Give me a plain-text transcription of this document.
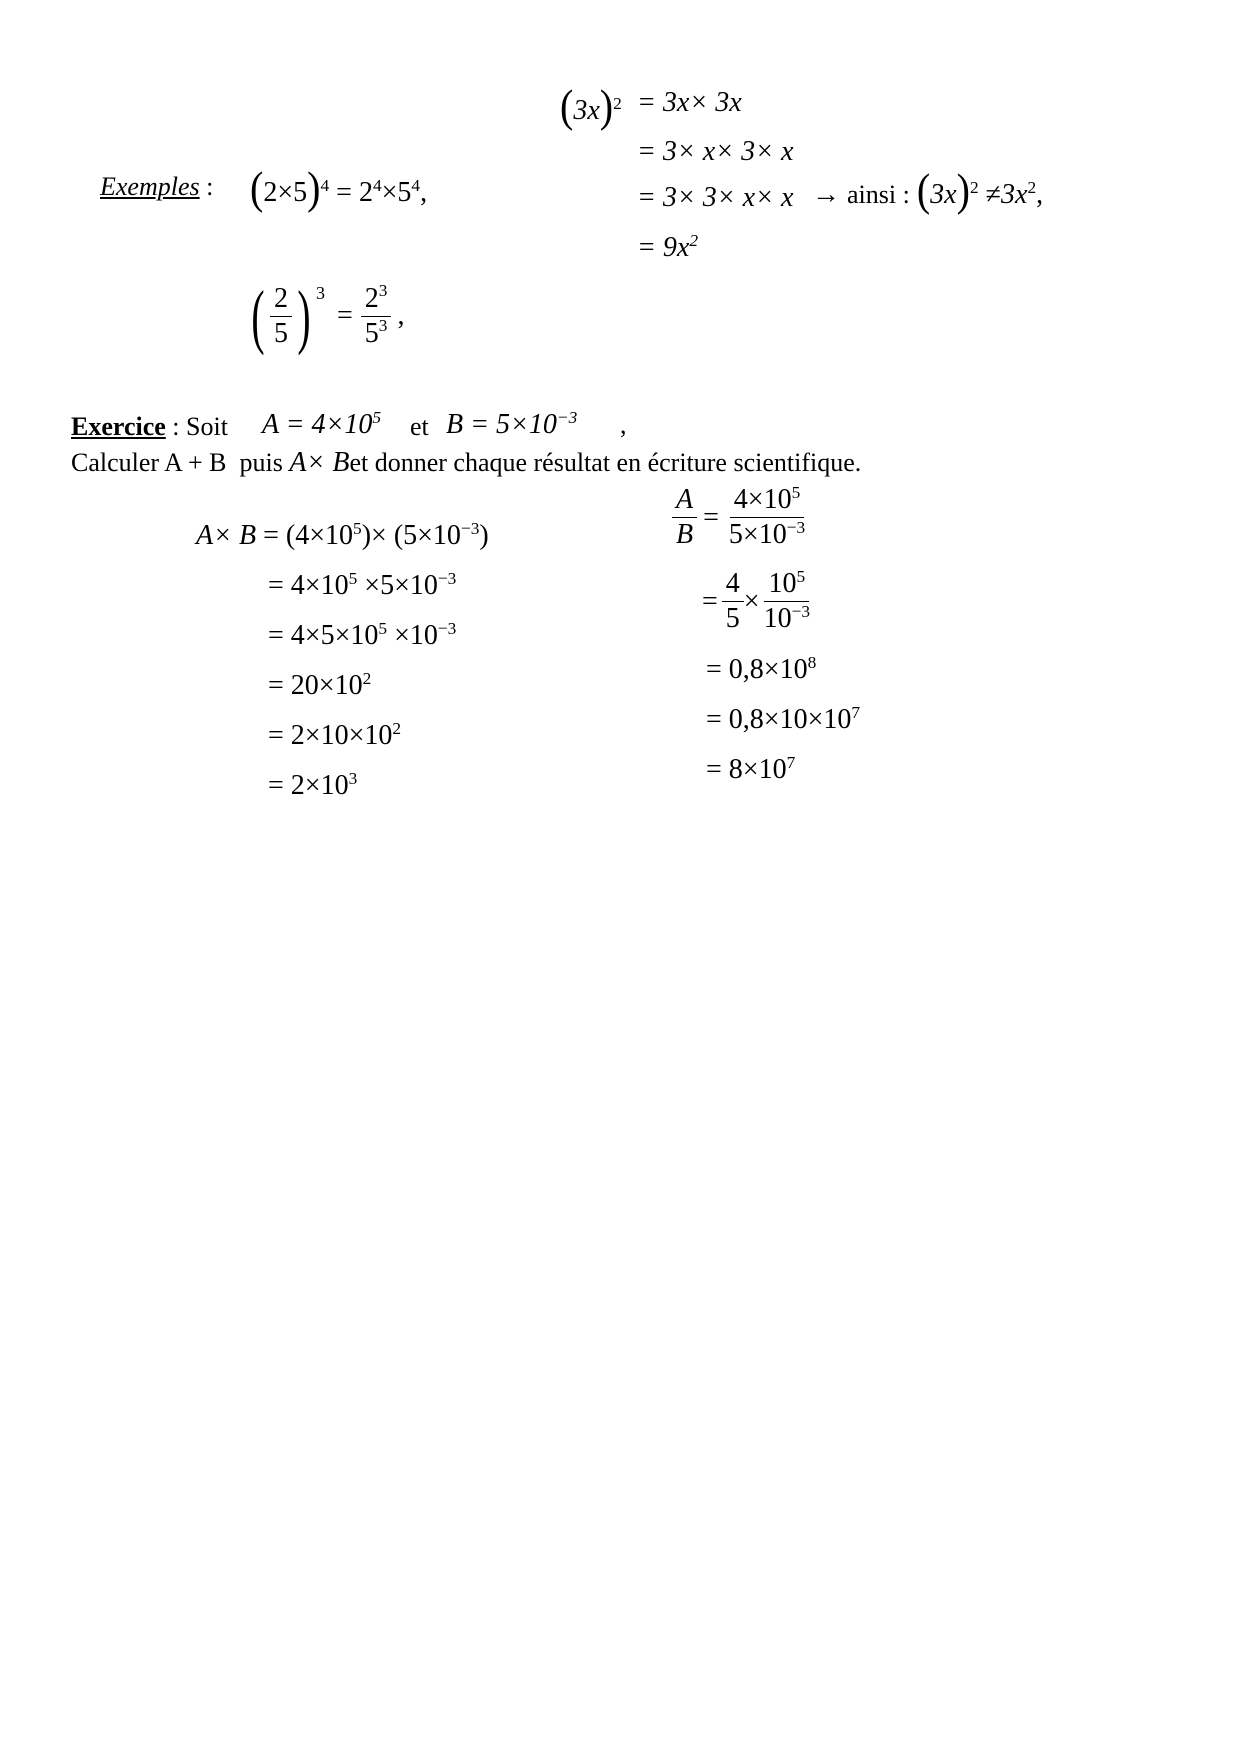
Exemples : $(2\times 5)^4 = 2^4\times 5^4$,
$(3x)^2 = 3x\times 3x$
= 3× x× 3× x
= 3× 3× x× x
= $9x^2$
→ ainsi : $(3x)^2 \ne 3x^2$,
( $\frac{2}{5}$ ) 3
= $\frac{2^3}{5^3}$ ,
Exercice : Soit $A = 4\times 10^5$ et $B = 5\times 10^{-3}$ ,
Calculer A + B  puis A× Bet donner chaque résultat en écriture scientifique.
$A\times B = (4\times 10^5)\times (5\times 10^{-3})$
= $4\times 10^5 \times 5\times 10^{-3}$
= $4\times 5\times 10^5 \times 10^{-3}$
= $20\times 10^2$
= $2\times 10\times 10^2$
= $2\times 10^3$
$\frac{A}{B} = \frac{4\times 10^5}{5\times 10^{-3}}$
= $\frac{4}{5} \times \frac{10^5}{10^{-3}}$
= $0,8\times 10^8$
= $0,8\times 10\times 10^7$
= $8\times 10^7$
